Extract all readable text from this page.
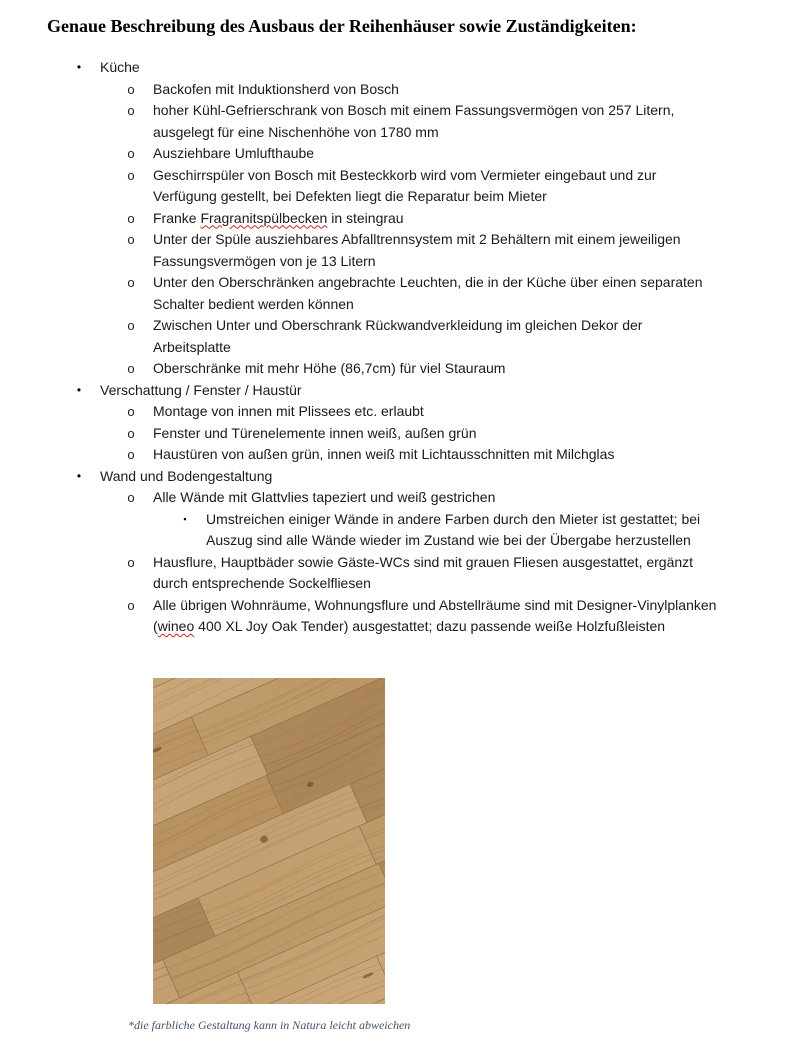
Genaue Beschreibung des Ausbaus der Reihenhäuser sowie Zuständigkeiten:
• Küche
o Backofen mit Induktionsherd von Bosch
o hoher Kühl-Gefrierschrank von Bosch mit einem Fassungsvermögen von 257 Litern, ausgelegt für eine Nischenhöhe von 1780 mm
o Ausziehbare Umlufthaube
o Geschirrspüler von Bosch mit Besteckkorb wird vom Vermieter eingebaut und zur Verfügung gestellt, bei Defekten liegt die Reparatur beim Mieter
o Franke Fragranitspülbecken in steingrau
o Unter der Spüle ausziehbares Abfalltrennsystem mit 2 Behältern mit einem jeweiligen Fassungsvermögen von je 13 Litern
o Unter den Oberschränken angebrachte Leuchten, die in der Küche über einen separaten Schalter bedient werden können
o Zwischen Unter und Oberschrank Rückwandverkleidung im gleichen Dekor der Arbeitsplatte
o Oberschränke mit mehr Höhe (86,7cm) für viel Stauraum
• Verschattung / Fenster / Haustür
o Montage von innen mit Plissees etc. erlaubt
o Fenster und Türenelemente innen weiß, außen grün
o Haustüren von außen grün, innen weiß mit Lichtausschnitten mit Milchglas
• Wand und Bodengestaltung
o Alle Wände mit Glattvlies tapeziert und weiß gestrichen
▪ Umstreichen einiger Wände in andere Farben durch den Mieter ist gestattet; bei Auszug sind alle Wände wieder im Zustand wie bei der Übergabe herzustellen
o Hausflure, Hauptbäder sowie Gäste-WCs sind mit grauen Fliesen ausgestattet, ergänzt durch entsprechende Sockelfliesen
o Alle übrigen Wohnräume, Wohnungsflure und Abstellräume sind mit Designer-Vinylplanken (wineo 400 XL Joy Oak Tender) ausgestattet; dazu passende weiße Holzfußleisten
*die farbliche Gestaltung kann in Natura leicht abweichen
